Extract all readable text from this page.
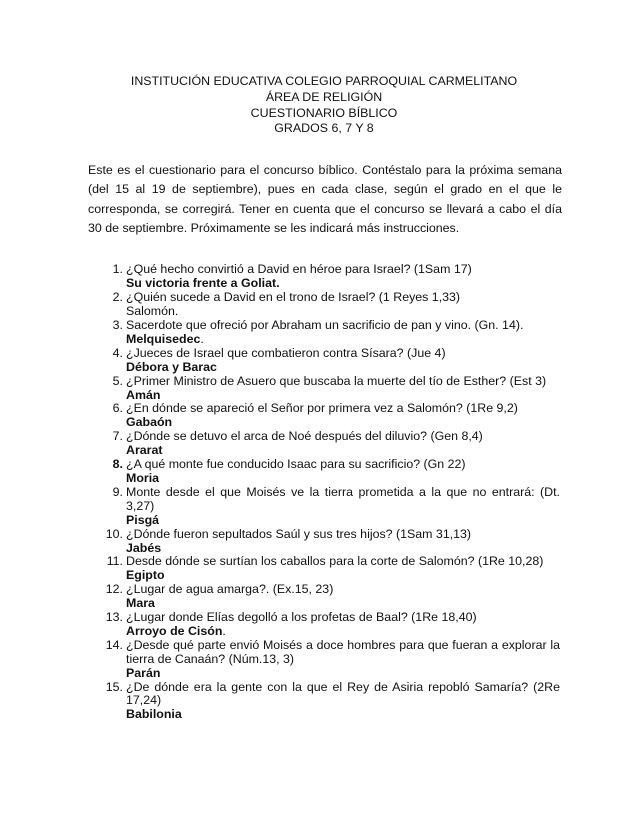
INSTITUCIÓN EDUCATIVA COLEGIO PARROQUIAL CARMELITANO
ÁREA DE RELIGIÓN
CUESTIONARIO BÍBLICO
GRADOS 6, 7 Y 8

Este es el cuestionario para el concurso bíblico. Contéstalo para la próxima semana (del 15 al 19 de septiembre), pues en cada clase, según el grado en el que le corresponda, se corregirá. Tener en cuenta que el concurso se llevará a cabo el día 30 de septiembre. Próximamente se les indicará más instrucciones.

1. ¿Qué hecho convirtió a David en héroe para Israel? (1Sam 17)
Su victoria frente a Goliat.
2. ¿Quién sucede a David en el trono de Israel? (1 Reyes 1,33)
Salomón.
3. Sacerdote que ofreció por Abraham un sacrificio de pan y vino. (Gn. 14).
Melquisedec.
4. ¿Jueces de Israel que combatieron contra Sísara? (Jue 4)
Débora y Barac
5. ¿Primer Ministro de Asuero que buscaba la muerte del tío de Esther? (Est 3)
Amán
6. ¿En dónde se apareció el Señor por primera vez a Salomón? (1Re 9,2)
Gabaón
7. ¿Dónde se detuvo el arca de Noé después del diluvio? (Gen 8,4)
Ararat
8. ¿A qué monte fue conducido Isaac para su sacrificio? (Gn 22)
Moria
9. Monte desde el que Moisés ve la tierra prometida a la que no entrará: (Dt. 3,27)
Pisgá
10. ¿Dónde fueron sepultados Saúl y sus tres hijos? (1Sam 31,13)
Jabés
11. Desde dónde se surtían los caballos para la corte de Salomón? (1Re 10,28)
Egipto
12. ¿Lugar de agua amarga?. (Ex.15, 23)
Mara
13. ¿Lugar donde Elías degolló a los profetas de Baal? (1Re 18,40)
Arroyo de Cisón.
14. ¿Desde qué parte envió Moisés a doce hombres para que fueran a explorar la tierra de Canaán? (Núm.13, 3)
Parán
15. ¿De dónde era la gente con la que el Rey de Asiria repobló Samaría? (2Re 17,24)
Babilonia
